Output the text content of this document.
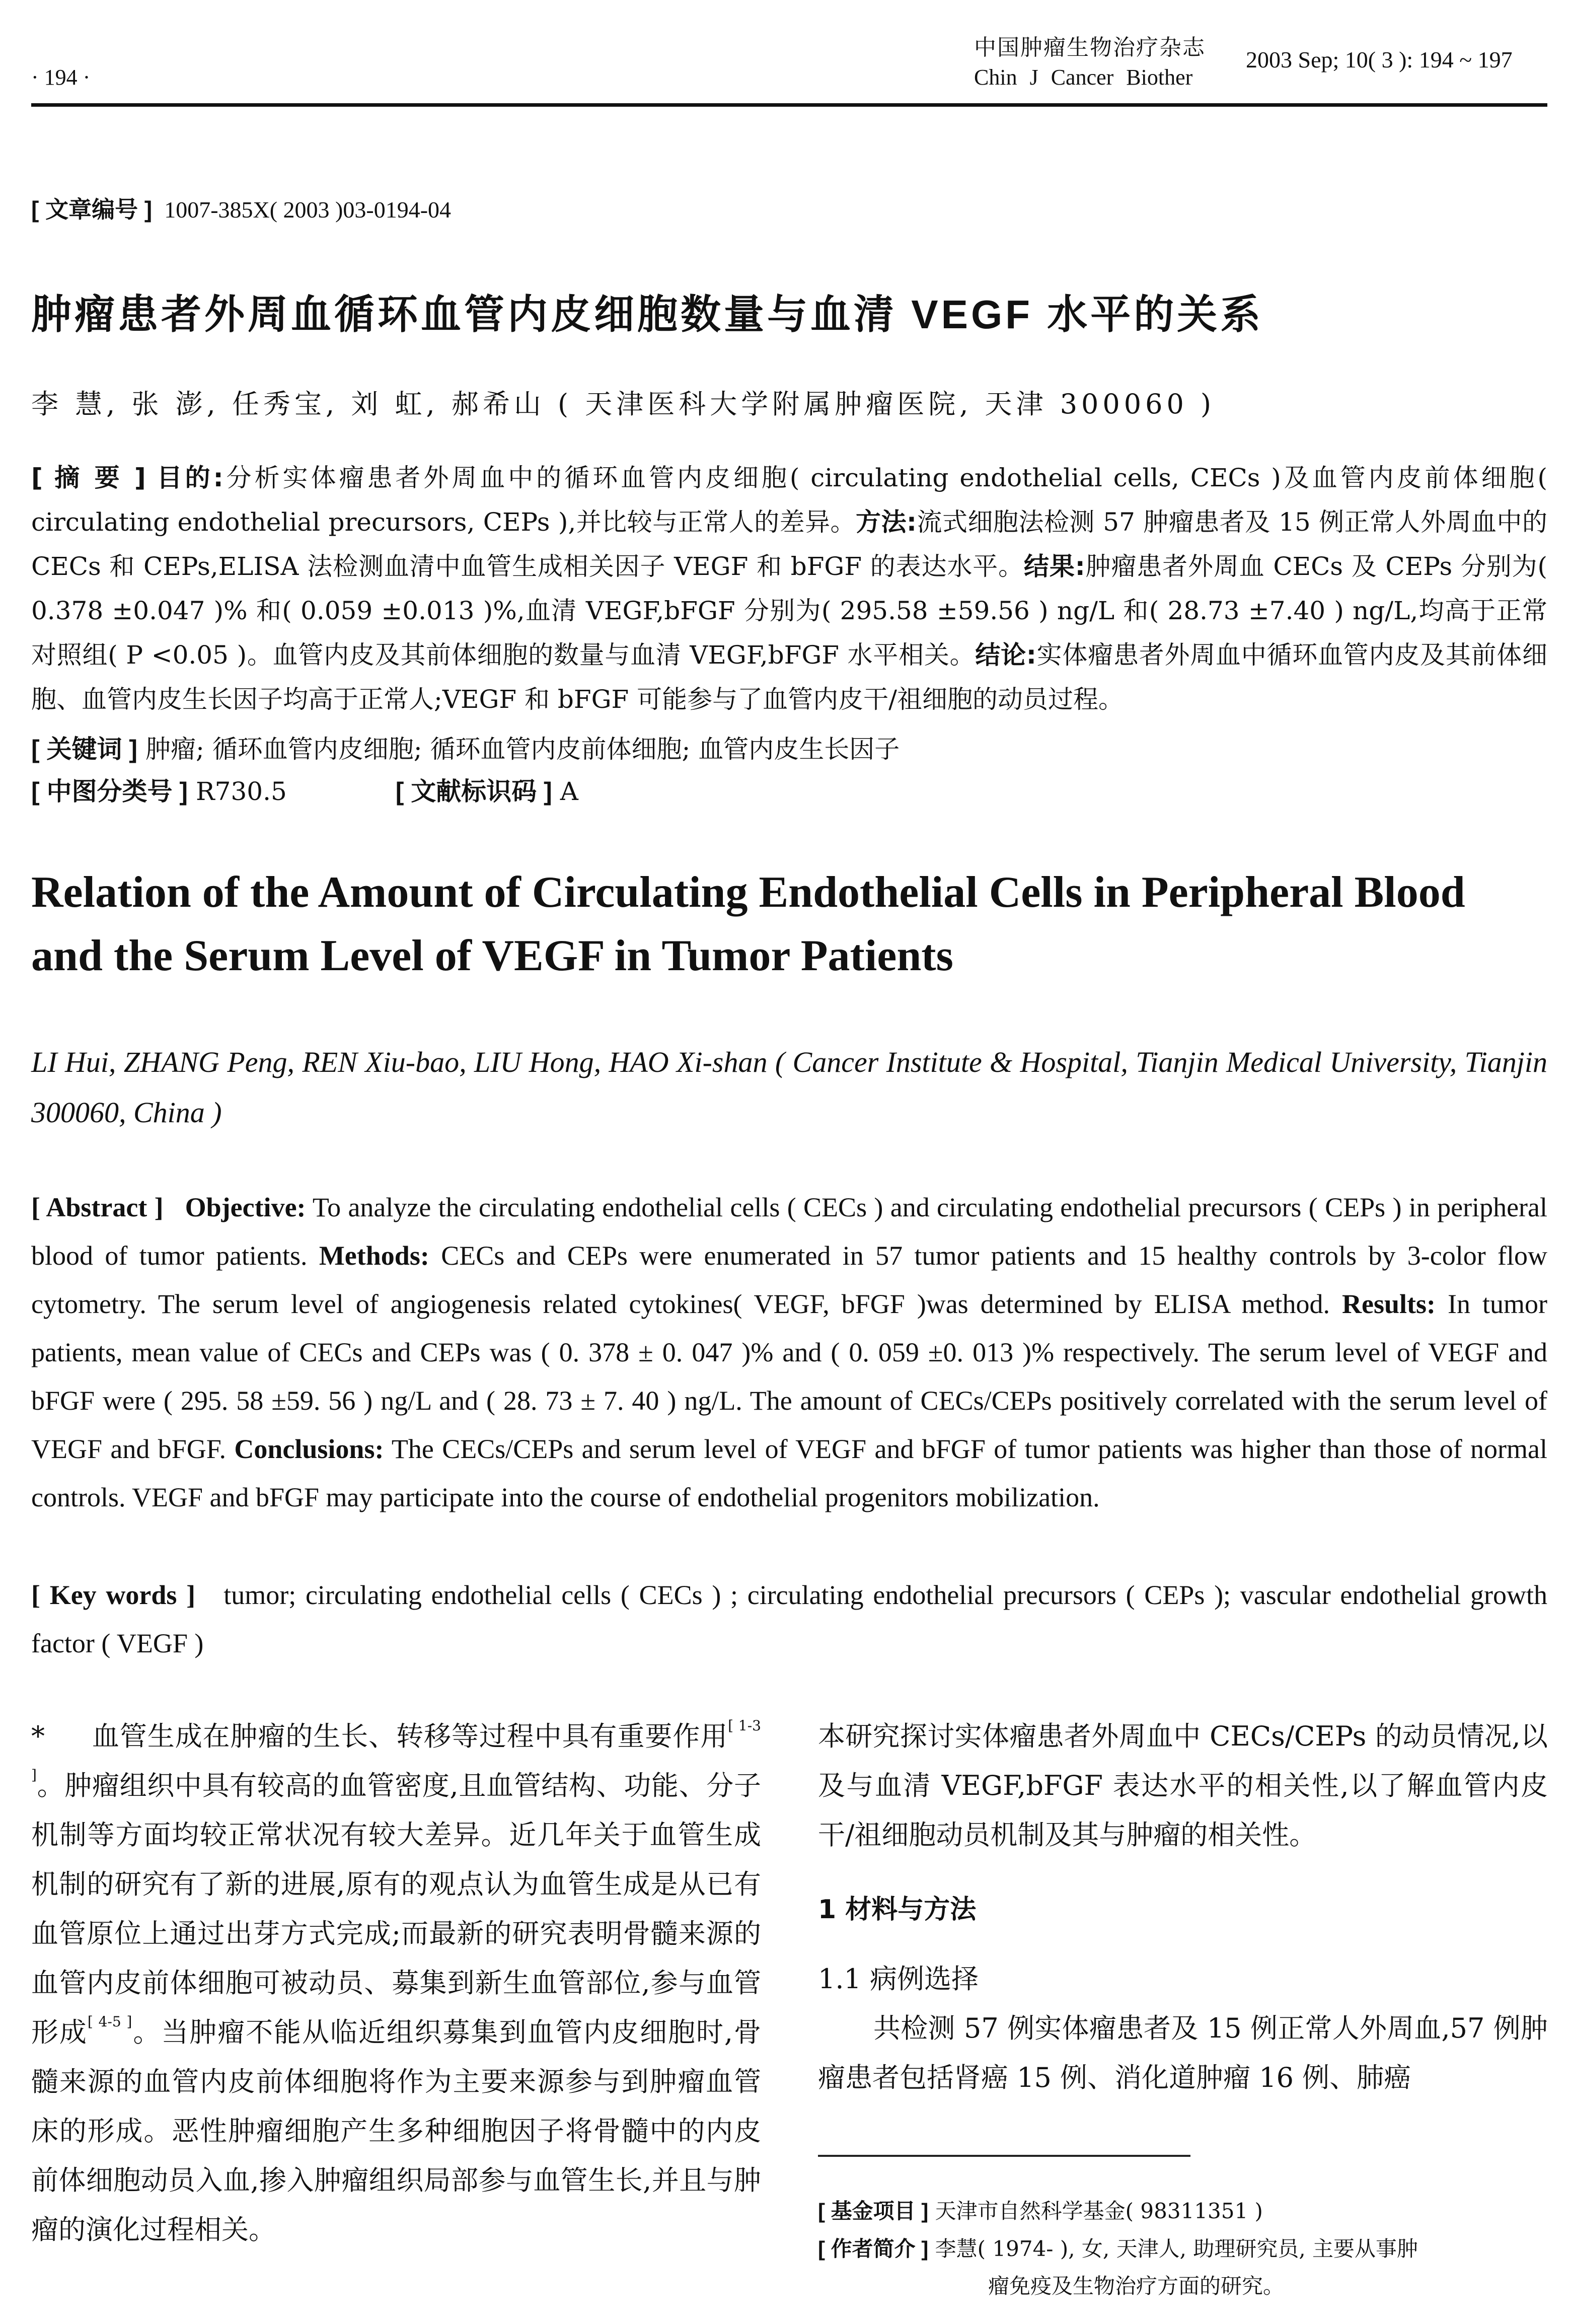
· 194 ·
中国肿瘤生物治疗杂志
Chin J Cancer Biother
2003 Sep; 10( 3 ): 194 ~ 197
[ 文章编号 ] 1007-385X( 2003 )03-0194-04
肿瘤患者外周血循环血管内皮细胞数量与血清 VEGF 水平的关系
李 慧, 张 澎, 任秀宝, 刘 虹, 郝希山 ( 天津医科大学附属肿瘤医院, 天津 300060 )
[ 摘 要 ] 目的:分析实体瘤患者外周血中的循环血管内皮细胞( circulating endothelial cells, CECs )及血管内皮前体细胞( circulating endothelial precursors, CEPs ),并比较与正常人的差异。方法:流式细胞法检测 57 肿瘤患者及 15 例正常人外周血中的 CECs 和 CEPs,ELISA 法检测血清中血管生成相关因子 VEGF 和 bFGF 的表达水平。结果:肿瘤患者外周血 CECs 及 CEPs 分别为( 0.378 ±0.047 )% 和( 0.059 ±0.013 )%,血清 VEGF,bFGF 分别为( 295.58 ±59.56 ) ng/L 和( 28.73 ±7.40 ) ng/L,均高于正常对照组( P <0.05 )。血管内皮及其前体细胞的数量与血清 VEGF,bFGF 水平相关。结论:实体瘤患者外周血中循环血管内皮及其前体细胞、血管内皮生长因子均高于正常人;VEGF 和 bFGF 可能参与了血管内皮干/祖细胞的动员过程。
[ 关键词 ] 肿瘤; 循环血管内皮细胞; 循环血管内皮前体细胞; 血管内皮生长因子
[ 中图分类号 ] R730.5	[ 文献标识码 ] A
Relation of the Amount of Circulating Endothelial Cells in Peripheral Blood and the Serum Level of VEGF in Tumor Patients
LI Hui, ZHANG Peng, REN Xiu-bao, LIU Hong, HAO Xi-shan ( Cancer Institute & Hospital, Tianjin Medical University, Tianjin 300060, China )
[ Abstract ] Objective: To analyze the circulating endothelial cells ( CECs ) and circulating endothelial precursors ( CEPs ) in peripheral blood of tumor patients. Methods: CECs and CEPs were enumerated in 57 tumor patients and 15 healthy controls by 3-color flow cytometry. The serum level of angiogenesis related cytokines( VEGF, bFGF )was determined by ELISA method. Results: In tumor patients, mean value of CECs and CEPs was ( 0. 378 ± 0. 047 )% and ( 0. 059 ±0. 013 )% respectively. The serum level of VEGF and bFGF were ( 295. 58 ±59. 56 ) ng/L and ( 28. 73 ± 7. 40 ) ng/L. The amount of CECs/CEPs positively correlated with the serum level of VEGF and bFGF. Conclusions: The CECs/CEPs and serum level of VEGF and bFGF of tumor patients was higher than those of normal controls. VEGF and bFGF may participate into the course of endothelial progenitors mobilization.
[ Key words ] tumor; circulating endothelial cells ( CECs ) ; circulating endothelial precursors ( CEPs ); vascular endothelial growth factor ( VEGF )
* 血管生成在肿瘤的生长、转移等过程中具有重要作用[ 1-3 ]。肿瘤组织中具有较高的血管密度,且血管结构、功能、分子机制等方面均较正常状况有较大差异。近几年关于血管生成机制的研究有了新的进展,原有的观点认为血管生成是从已有血管原位上通过出芽方式完成;而最新的研究表明骨髓来源的血管内皮前体细胞可被动员、募集到新生血管部位,参与血管形成[ 4-5 ]。当肿瘤不能从临近组织募集到血管内皮细胞时,骨髓来源的血管内皮前体细胞将作为主要来源参与到肿瘤血管床的形成。恶性肿瘤细胞产生多种细胞因子将骨髓中的内皮前体细胞动员入血,掺入肿瘤组织局部参与血管生长,并且与肿瘤的演化过程相关。
本研究探讨实体瘤患者外周血中 CECs/CEPs 的动员情况,以及与血清 VEGF,bFGF 表达水平的相关性,以了解血管内皮干/祖细胞动员机制及其与肿瘤的相关性。
1 材料与方法
1.1 病例选择
共检测 57 例实体瘤患者及 15 例正常人外周血,57 例肿瘤患者包括肾癌 15 例、消化道肿瘤 16 例、肺癌
[ 基金项目 ] 天津市自然科学基金( 98311351 )
[ 作者简介 ] 李慧( 1974- ), 女, 天津人, 助理研究员, 主要从事肿
瘤免疫及生物治疗方面的研究。
